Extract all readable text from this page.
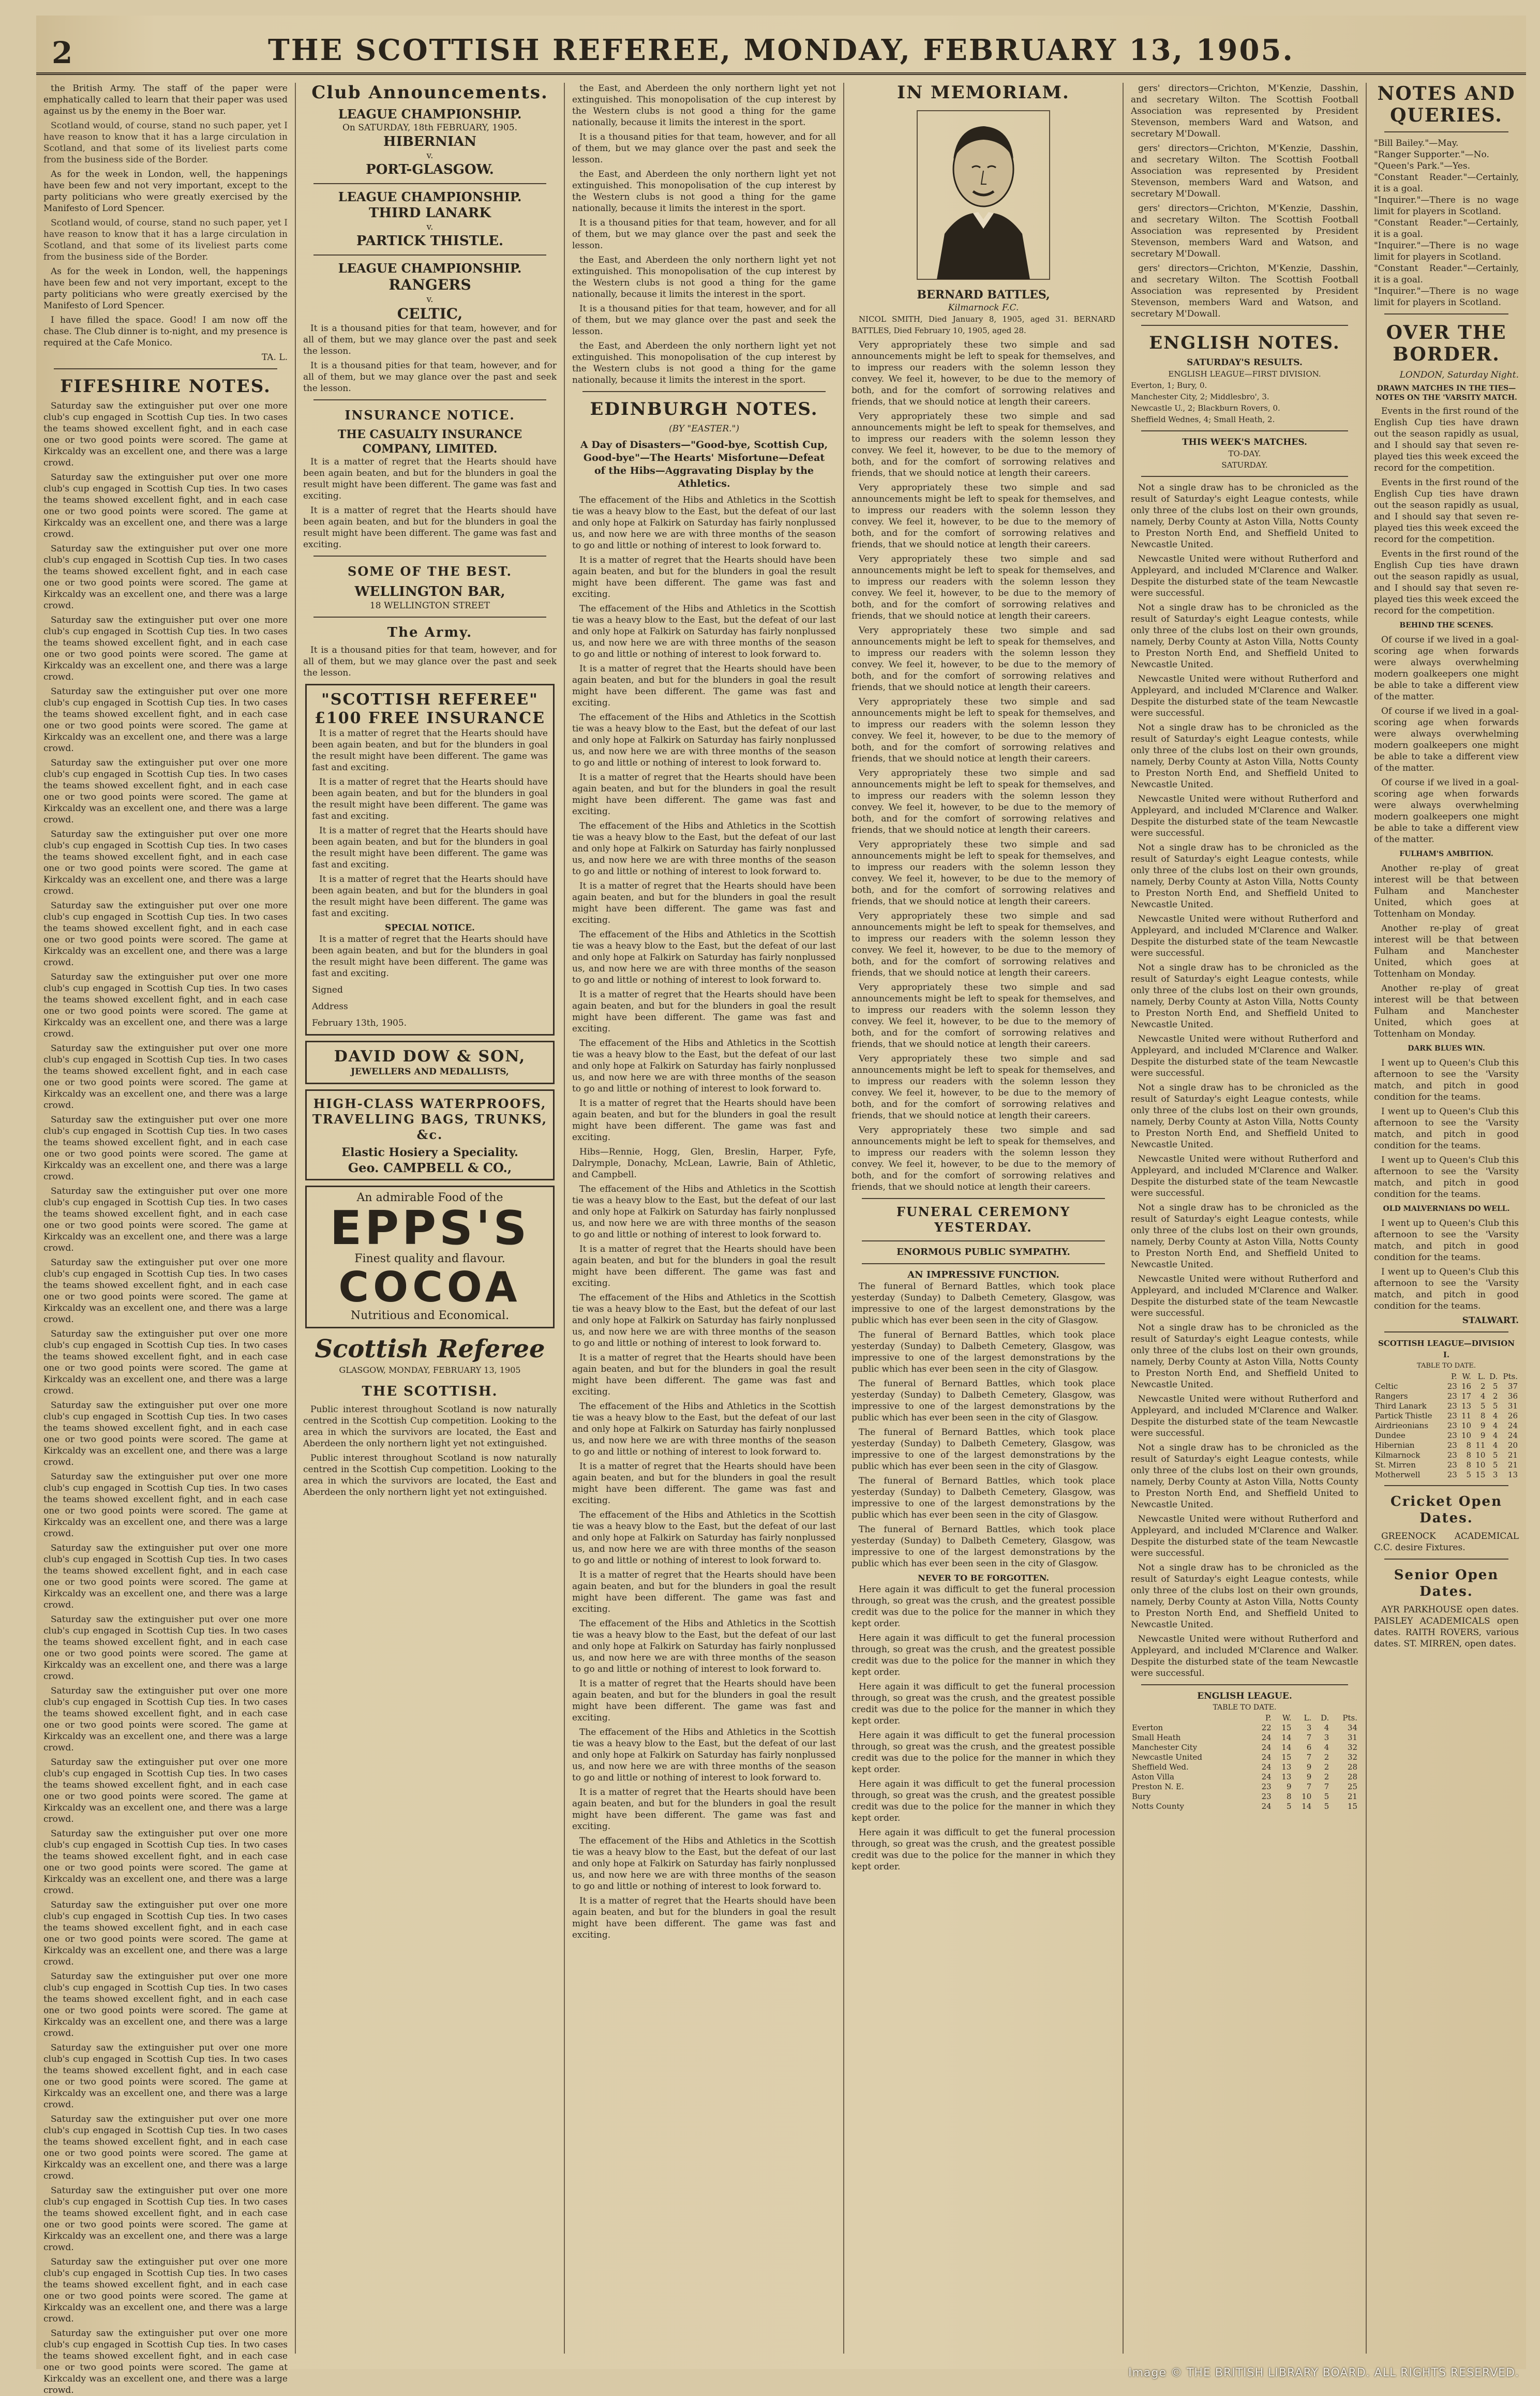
2	THE SCOTTISH REFEREE, MONDAY, FEBRUARY 13, 1905.

the British Army. The staff of the paper were emphatically called to learn that their paper was used against us by the enemy in the Boer war.

Scotland would, of course, stand no such paper, yet I have reason to know that it has a large circulation in Scotland, and that some of its liveliest parts come from the business side of the Border.

As for the week in London, well, the happenings have been few and not very important, except to the party politicians who were greatly exercised by the Manifesto of Lord Spencer.

Scotland would, of course, stand no such paper, yet I have reason to know that it has a large circulation in Scotland, and that some of its liveliest parts come from the business side of the Border.

As for the week in London, well, the happenings have been few and not very important, except to the party politicians who were greatly exercised by the Manifesto of Lord Spencer.

I have filled the space. Good! I am now off the chase. The Club dinner is to-night, and my presence is required at the Cafe Monico.

TA. L.

FIFESHIRE NOTES.

Saturday saw the extinguisher put over one more club's cup engaged in Scottish Cup ties. In two cases the teams showed excellent fight, and in each case one or two good points were scored. The game at Kirkcaldy was an excellent one, and there was a large crowd.

Saturday saw the extinguisher put over one more club's cup engaged in Scottish Cup ties. In two cases the teams showed excellent fight, and in each case one or two good points were scored. The game at Kirkcaldy was an excellent one, and there was a large crowd.

Saturday saw the extinguisher put over one more club's cup engaged in Scottish Cup ties. In two cases the teams showed excellent fight, and in each case one or two good points were scored. The game at Kirkcaldy was an excellent one, and there was a large crowd.

Saturday saw the extinguisher put over one more club's cup engaged in Scottish Cup ties. In two cases the teams showed excellent fight, and in each case one or two good points were scored. The game at Kirkcaldy was an excellent one, and there was a large crowd.

Saturday saw the extinguisher put over one more club's cup engaged in Scottish Cup ties. In two cases the teams showed excellent fight, and in each case one or two good points were scored. The game at Kirkcaldy was an excellent one, and there was a large crowd.

Saturday saw the extinguisher put over one more club's cup engaged in Scottish Cup ties. In two cases the teams showed excellent fight, and in each case one or two good points were scored. The game at Kirkcaldy was an excellent one, and there was a large crowd.

Saturday saw the extinguisher put over one more club's cup engaged in Scottish Cup ties. In two cases the teams showed excellent fight, and in each case one or two good points were scored. The game at Kirkcaldy was an excellent one, and there was a large crowd.

Saturday saw the extinguisher put over one more club's cup engaged in Scottish Cup ties. In two cases the teams showed excellent fight, and in each case one or two good points were scored. The game at Kirkcaldy was an excellent one, and there was a large crowd.

Saturday saw the extinguisher put over one more club's cup engaged in Scottish Cup ties. In two cases the teams showed excellent fight, and in each case one or two good points were scored. The game at Kirkcaldy was an excellent one, and there was a large crowd.

Saturday saw the extinguisher put over one more club's cup engaged in Scottish Cup ties. In two cases the teams showed excellent fight, and in each case one or two good points were scored. The game at Kirkcaldy was an excellent one, and there was a large crowd.

Saturday saw the extinguisher put over one more club's cup engaged in Scottish Cup ties. In two cases the teams showed excellent fight, and in each case one or two good points were scored. The game at Kirkcaldy was an excellent one, and there was a large crowd.

Saturday saw the extinguisher put over one more club's cup engaged in Scottish Cup ties. In two cases the teams showed excellent fight, and in each case one or two good points were scored. The game at Kirkcaldy was an excellent one, and there was a large crowd.

Saturday saw the extinguisher put over one more club's cup engaged in Scottish Cup ties. In two cases the teams showed excellent fight, and in each case one or two good points were scored. The game at Kirkcaldy was an excellent one, and there was a large crowd.

Saturday saw the extinguisher put over one more club's cup engaged in Scottish Cup ties. In two cases the teams showed excellent fight, and in each case one or two good points were scored. The game at Kirkcaldy was an excellent one, and there was a large crowd.

Saturday saw the extinguisher put over one more club's cup engaged in Scottish Cup ties. In two cases the teams showed excellent fight, and in each case one or two good points were scored. The game at Kirkcaldy was an excellent one, and there was a large crowd.

Saturday saw the extinguisher put over one more club's cup engaged in Scottish Cup ties. In two cases the teams showed excellent fight, and in each case one or two good points were scored. The game at Kirkcaldy was an excellent one, and there was a large crowd.

Saturday saw the extinguisher put over one more club's cup engaged in Scottish Cup ties. In two cases the teams showed excellent fight, and in each case one or two good points were scored. The game at Kirkcaldy was an excellent one, and there was a large crowd.

Saturday saw the extinguisher put over one more club's cup engaged in Scottish Cup ties. In two cases the teams showed excellent fight, and in each case one or two good points were scored. The game at Kirkcaldy was an excellent one, and there was a large crowd.

Saturday saw the extinguisher put over one more club's cup engaged in Scottish Cup ties. In two cases the teams showed excellent fight, and in each case one or two good points were scored. The game at Kirkcaldy was an excellent one, and there was a large crowd.

Saturday saw the extinguisher put over one more club's cup engaged in Scottish Cup ties. In two cases the teams showed excellent fight, and in each case one or two good points were scored. The game at Kirkcaldy was an excellent one, and there was a large crowd.

Saturday saw the extinguisher put over one more club's cup engaged in Scottish Cup ties. In two cases the teams showed excellent fight, and in each case one or two good points were scored. The game at Kirkcaldy was an excellent one, and there was a large crowd.

Saturday saw the extinguisher put over one more club's cup engaged in Scottish Cup ties. In two cases the teams showed excellent fight, and in each case one or two good points were scored. The game at Kirkcaldy was an excellent one, and there was a large crowd.

Saturday saw the extinguisher put over one more club's cup engaged in Scottish Cup ties. In two cases the teams showed excellent fight, and in each case one or two good points were scored. The game at Kirkcaldy was an excellent one, and there was a large crowd.

Saturday saw the extinguisher put over one more club's cup engaged in Scottish Cup ties. In two cases the teams showed excellent fight, and in each case one or two good points were scored. The game at Kirkcaldy was an excellent one, and there was a large crowd.

Saturday saw the extinguisher put over one more club's cup engaged in Scottish Cup ties. In two cases the teams showed excellent fight, and in each case one or two good points were scored. The game at Kirkcaldy was an excellent one, and there was a large crowd.

Saturday saw the extinguisher put over one more club's cup engaged in Scottish Cup ties. In two cases the teams showed excellent fight, and in each case one or two good points were scored. The game at Kirkcaldy was an excellent one, and there was a large crowd.

Saturday saw the extinguisher put over one more club's cup engaged in Scottish Cup ties. In two cases the teams showed excellent fight, and in each case one or two good points were scored. The game at Kirkcaldy was an excellent one, and there was a large crowd.

Saturday saw the extinguisher put over one more club's cup engaged in Scottish Cup ties. In two cases the teams showed excellent fight, and in each case one or two good points were scored. The game at Kirkcaldy was an excellent one, and there was a large crowd.

Club Announcements.
LEAGUE CHAMPIONSHIP.
On SATURDAY, 18th FEBRUARY, 1905.
HIBERNIAN
v.
PORT-GLASGOW.
LEAGUE CHAMPIONSHIP.
THIRD LANARK
v.
PARTICK THISTLE.
LEAGUE CHAMPIONSHIP.
RANGERS
v.
CELTIC,

It is a thousand pities for that team, however, and for all of them, but we may glance over the past and seek the lesson.

It is a thousand pities for that team, however, and for all of them, but we may glance over the past and seek the lesson.

INSURANCE NOTICE.
THE CASUALTY INSURANCE COMPANY, LIMITED.

It is a matter of regret that the Hearts should have been again beaten, and but for the blunders in goal the result might have been different. The game was fast and exciting.

It is a matter of regret that the Hearts should have been again beaten, and but for the blunders in goal the result might have been different. The game was fast and exciting.

SOME OF THE BEST.
WELLINGTON BAR,
18 WELLINGTON STREET
The Army.

It is a thousand pities for that team, however, and for all of them, but we may glance over the past and seek the lesson.

"SCOTTISH REFEREE"
£100 FREE INSURANCE

It is a matter of regret that the Hearts should have been again beaten, and but for the blunders in goal the result might have been different. The game was fast and exciting.

It is a matter of regret that the Hearts should have been again beaten, and but for the blunders in goal the result might have been different. The game was fast and exciting.

It is a matter of regret that the Hearts should have been again beaten, and but for the blunders in goal the result might have been different. The game was fast and exciting.

It is a matter of regret that the Hearts should have been again beaten, and but for the blunders in goal the result might have been different. The game was fast and exciting.

SPECIAL NOTICE.

It is a matter of regret that the Hearts should have been again beaten, and but for the blunders in goal the result might have been different. The game was fast and exciting.

Signed
Address
February 13th, 1905.
DAVID DOW & SON,
JEWELLERS AND MEDALLISTS,
HIGH-CLASS WATERPROOFS, TRAVELLING BAGS, TRUNKS, &c.
Elastic Hosiery a Speciality.
Geo. CAMPBELL & CO.,
An admirable Food of the
EPPS'S
Finest quality and flavour.
COCOA
Nutritious and Economical.
Scottish Referee
GLASGOW, MONDAY, FEBRUARY 13, 1905
THE SCOTTISH.

Public interest throughout Scotland is now naturally centred in the Scottish Cup competition. Looking to the area in which the survivors are located, the East and Aberdeen the only northern light yet not extinguished.

Public interest throughout Scotland is now naturally centred in the Scottish Cup competition. Looking to the area in which the survivors are located, the East and Aberdeen the only northern light yet not extinguished.

the East, and Aberdeen the only northern light yet not extinguished. This monopolisation of the cup interest by the Western clubs is not good a thing for the game nationally, because it limits the interest in the sport.

It is a thousand pities for that team, however, and for all of them, but we may glance over the past and seek the lesson.

the East, and Aberdeen the only northern light yet not extinguished. This monopolisation of the cup interest by the Western clubs is not good a thing for the game nationally, because it limits the interest in the sport.

It is a thousand pities for that team, however, and for all of them, but we may glance over the past and seek the lesson.

the East, and Aberdeen the only northern light yet not extinguished. This monopolisation of the cup interest by the Western clubs is not good a thing for the game nationally, because it limits the interest in the sport.

It is a thousand pities for that team, however, and for all of them, but we may glance over the past and seek the lesson.

the East, and Aberdeen the only northern light yet not extinguished. This monopolisation of the cup interest by the Western clubs is not good a thing for the game nationally, because it limits the interest in the sport.

EDINBURGH NOTES.
(BY "EASTER.")
A Day of Disasters—"Good-bye, Scottish Cup, Good-bye"—The Hearts' Misfortune—Defeat of the Hibs—Aggravating Display by the Athletics.

The effacement of the Hibs and Athletics in the Scottish tie was a heavy blow to the East, but the defeat of our last and only hope at Falkirk on Saturday has fairly nonplussed us, and now here we are with three months of the season to go and little or nothing of interest to look forward to.

It is a matter of regret that the Hearts should have been again beaten, and but for the blunders in goal the result might have been different. The game was fast and exciting.

The effacement of the Hibs and Athletics in the Scottish tie was a heavy blow to the East, but the defeat of our last and only hope at Falkirk on Saturday has fairly nonplussed us, and now here we are with three months of the season to go and little or nothing of interest to look forward to.

It is a matter of regret that the Hearts should have been again beaten, and but for the blunders in goal the result might have been different. The game was fast and exciting.

The effacement of the Hibs and Athletics in the Scottish tie was a heavy blow to the East, but the defeat of our last and only hope at Falkirk on Saturday has fairly nonplussed us, and now here we are with three months of the season to go and little or nothing of interest to look forward to.

It is a matter of regret that the Hearts should have been again beaten, and but for the blunders in goal the result might have been different. The game was fast and exciting.

The effacement of the Hibs and Athletics in the Scottish tie was a heavy blow to the East, but the defeat of our last and only hope at Falkirk on Saturday has fairly nonplussed us, and now here we are with three months of the season to go and little or nothing of interest to look forward to.

It is a matter of regret that the Hearts should have been again beaten, and but for the blunders in goal the result might have been different. The game was fast and exciting.

The effacement of the Hibs and Athletics in the Scottish tie was a heavy blow to the East, but the defeat of our last and only hope at Falkirk on Saturday has fairly nonplussed us, and now here we are with three months of the season to go and little or nothing of interest to look forward to.

It is a matter of regret that the Hearts should have been again beaten, and but for the blunders in goal the result might have been different. The game was fast and exciting.

The effacement of the Hibs and Athletics in the Scottish tie was a heavy blow to the East, but the defeat of our last and only hope at Falkirk on Saturday has fairly nonplussed us, and now here we are with three months of the season to go and little or nothing of interest to look forward to.

It is a matter of regret that the Hearts should have been again beaten, and but for the blunders in goal the result might have been different. The game was fast and exciting.

Hibs—Rennie, Hogg, Glen, Breslin, Harper, Fyfe, Dalrymple, Donachy, McLean, Lawrie, Bain of Athletic, and Campbell.

The effacement of the Hibs and Athletics in the Scottish tie was a heavy blow to the East, but the defeat of our last and only hope at Falkirk on Saturday has fairly nonplussed us, and now here we are with three months of the season to go and little or nothing of interest to look forward to.

It is a matter of regret that the Hearts should have been again beaten, and but for the blunders in goal the result might have been different. The game was fast and exciting.

The effacement of the Hibs and Athletics in the Scottish tie was a heavy blow to the East, but the defeat of our last and only hope at Falkirk on Saturday has fairly nonplussed us, and now here we are with three months of the season to go and little or nothing of interest to look forward to.

It is a matter of regret that the Hearts should have been again beaten, and but for the blunders in goal the result might have been different. The game was fast and exciting.

The effacement of the Hibs and Athletics in the Scottish tie was a heavy blow to the East, but the defeat of our last and only hope at Falkirk on Saturday has fairly nonplussed us, and now here we are with three months of the season to go and little or nothing of interest to look forward to.

It is a matter of regret that the Hearts should have been again beaten, and but for the blunders in goal the result might have been different. The game was fast and exciting.

The effacement of the Hibs and Athletics in the Scottish tie was a heavy blow to the East, but the defeat of our last and only hope at Falkirk on Saturday has fairly nonplussed us, and now here we are with three months of the season to go and little or nothing of interest to look forward to.

It is a matter of regret that the Hearts should have been again beaten, and but for the blunders in goal the result might have been different. The game was fast and exciting.

The effacement of the Hibs and Athletics in the Scottish tie was a heavy blow to the East, but the defeat of our last and only hope at Falkirk on Saturday has fairly nonplussed us, and now here we are with three months of the season to go and little or nothing of interest to look forward to.

It is a matter of regret that the Hearts should have been again beaten, and but for the blunders in goal the result might have been different. The game was fast and exciting.

The effacement of the Hibs and Athletics in the Scottish tie was a heavy blow to the East, but the defeat of our last and only hope at Falkirk on Saturday has fairly nonplussed us, and now here we are with three months of the season to go and little or nothing of interest to look forward to.

It is a matter of regret that the Hearts should have been again beaten, and but for the blunders in goal the result might have been different. The game was fast and exciting.

The effacement of the Hibs and Athletics in the Scottish tie was a heavy blow to the East, but the defeat of our last and only hope at Falkirk on Saturday has fairly nonplussed us, and now here we are with three months of the season to go and little or nothing of interest to look forward to.

It is a matter of regret that the Hearts should have been again beaten, and but for the blunders in goal the result might have been different. The game was fast and exciting.

IN MEMORIAM.
BERNARD BATTLES,
Kilmarnock F.C.

NICOL SMITH, Died January 8, 1905, aged 31. BERNARD BATTLES, Died February 10, 1905, aged 28.

Very appropriately these two simple and sad announcements might be left to speak for themselves, and to impress our readers with the solemn lesson they convey. We feel it, however, to be due to the memory of both, and for the comfort of sorrowing relatives and friends, that we should notice at length their careers.

Very appropriately these two simple and sad announcements might be left to speak for themselves, and to impress our readers with the solemn lesson they convey. We feel it, however, to be due to the memory of both, and for the comfort of sorrowing relatives and friends, that we should notice at length their careers.

Very appropriately these two simple and sad announcements might be left to speak for themselves, and to impress our readers with the solemn lesson they convey. We feel it, however, to be due to the memory of both, and for the comfort of sorrowing relatives and friends, that we should notice at length their careers.

Very appropriately these two simple and sad announcements might be left to speak for themselves, and to impress our readers with the solemn lesson they convey. We feel it, however, to be due to the memory of both, and for the comfort of sorrowing relatives and friends, that we should notice at length their careers.

Very appropriately these two simple and sad announcements might be left to speak for themselves, and to impress our readers with the solemn lesson they convey. We feel it, however, to be due to the memory of both, and for the comfort of sorrowing relatives and friends, that we should notice at length their careers.

Very appropriately these two simple and sad announcements might be left to speak for themselves, and to impress our readers with the solemn lesson they convey. We feel it, however, to be due to the memory of both, and for the comfort of sorrowing relatives and friends, that we should notice at length their careers.

Very appropriately these two simple and sad announcements might be left to speak for themselves, and to impress our readers with the solemn lesson they convey. We feel it, however, to be due to the memory of both, and for the comfort of sorrowing relatives and friends, that we should notice at length their careers.

Very appropriately these two simple and sad announcements might be left to speak for themselves, and to impress our readers with the solemn lesson they convey. We feel it, however, to be due to the memory of both, and for the comfort of sorrowing relatives and friends, that we should notice at length their careers.

Very appropriately these two simple and sad announcements might be left to speak for themselves, and to impress our readers with the solemn lesson they convey. We feel it, however, to be due to the memory of both, and for the comfort of sorrowing relatives and friends, that we should notice at length their careers.

Very appropriately these two simple and sad announcements might be left to speak for themselves, and to impress our readers with the solemn lesson they convey. We feel it, however, to be due to the memory of both, and for the comfort of sorrowing relatives and friends, that we should notice at length their careers.

Very appropriately these two simple and sad announcements might be left to speak for themselves, and to impress our readers with the solemn lesson they convey. We feel it, however, to be due to the memory of both, and for the comfort of sorrowing relatives and friends, that we should notice at length their careers.

Very appropriately these two simple and sad announcements might be left to speak for themselves, and to impress our readers with the solemn lesson they convey. We feel it, however, to be due to the memory of both, and for the comfort of sorrowing relatives and friends, that we should notice at length their careers.

FUNERAL CEREMONY YESTERDAY.
ENORMOUS PUBLIC SYMPATHY.
AN IMPRESSIVE FUNCTION.

The funeral of Bernard Battles, which took place yesterday (Sunday) to Dalbeth Cemetery, Glasgow, was impressive to one of the largest demonstrations by the public which has ever been seen in the city of Glasgow.

The funeral of Bernard Battles, which took place yesterday (Sunday) to Dalbeth Cemetery, Glasgow, was impressive to one of the largest demonstrations by the public which has ever been seen in the city of Glasgow.

The funeral of Bernard Battles, which took place yesterday (Sunday) to Dalbeth Cemetery, Glasgow, was impressive to one of the largest demonstrations by the public which has ever been seen in the city of Glasgow.

The funeral of Bernard Battles, which took place yesterday (Sunday) to Dalbeth Cemetery, Glasgow, was impressive to one of the largest demonstrations by the public which has ever been seen in the city of Glasgow.

The funeral of Bernard Battles, which took place yesterday (Sunday) to Dalbeth Cemetery, Glasgow, was impressive to one of the largest demonstrations by the public which has ever been seen in the city of Glasgow.

The funeral of Bernard Battles, which took place yesterday (Sunday) to Dalbeth Cemetery, Glasgow, was impressive to one of the largest demonstrations by the public which has ever been seen in the city of Glasgow.

NEVER TO BE FORGOTTEN.

Here again it was difficult to get the funeral procession through, so great was the crush, and the greatest possible credit was due to the police for the manner in which they kept order.

Here again it was difficult to get the funeral procession through, so great was the crush, and the greatest possible credit was due to the police for the manner in which they kept order.

Here again it was difficult to get the funeral procession through, so great was the crush, and the greatest possible credit was due to the police for the manner in which they kept order.

Here again it was difficult to get the funeral procession through, so great was the crush, and the greatest possible credit was due to the police for the manner in which they kept order.

Here again it was difficult to get the funeral procession through, so great was the crush, and the greatest possible credit was due to the police for the manner in which they kept order.

Here again it was difficult to get the funeral procession through, so great was the crush, and the greatest possible credit was due to the police for the manner in which they kept order.

gers' directors—Crichton, M'Kenzie, Dasshin, and secretary Wilton. The Scottish Football Association was represented by President Stevenson, members Ward and Watson, and secretary M'Dowall.

gers' directors—Crichton, M'Kenzie, Dasshin, and secretary Wilton. The Scottish Football Association was represented by President Stevenson, members Ward and Watson, and secretary M'Dowall.

gers' directors—Crichton, M'Kenzie, Dasshin, and secretary Wilton. The Scottish Football Association was represented by President Stevenson, members Ward and Watson, and secretary M'Dowall.

gers' directors—Crichton, M'Kenzie, Dasshin, and secretary Wilton. The Scottish Football Association was represented by President Stevenson, members Ward and Watson, and secretary M'Dowall.

ENGLISH NOTES.
SATURDAY'S RESULTS.
ENGLISH LEAGUE—FIRST DIVISION.
Everton, 1; Bury, 0.
Manchester City, 2; Middlesbro', 3.
Newcastle U., 2; Blackburn Rovers, 0.
Sheffield Wednes, 4; Small Heath, 2.
THIS WEEK'S MATCHES.
TO-DAY.
SATURDAY.

Not a single draw has to be chronicled as the result of Saturday's eight League contests, while only three of the clubs lost on their own grounds, namely, Derby County at Aston Villa, Notts County to Preston North End, and Sheffield United to Newcastle United.

Newcastle United were without Rutherford and Appleyard, and included M'Clarence and Walker. Despite the disturbed state of the team Newcastle were successful.

Not a single draw has to be chronicled as the result of Saturday's eight League contests, while only three of the clubs lost on their own grounds, namely, Derby County at Aston Villa, Notts County to Preston North End, and Sheffield United to Newcastle United.

Newcastle United were without Rutherford and Appleyard, and included M'Clarence and Walker. Despite the disturbed state of the team Newcastle were successful.

Not a single draw has to be chronicled as the result of Saturday's eight League contests, while only three of the clubs lost on their own grounds, namely, Derby County at Aston Villa, Notts County to Preston North End, and Sheffield United to Newcastle United.

Newcastle United were without Rutherford and Appleyard, and included M'Clarence and Walker. Despite the disturbed state of the team Newcastle were successful.

Not a single draw has to be chronicled as the result of Saturday's eight League contests, while only three of the clubs lost on their own grounds, namely, Derby County at Aston Villa, Notts County to Preston North End, and Sheffield United to Newcastle United.

Newcastle United were without Rutherford and Appleyard, and included M'Clarence and Walker. Despite the disturbed state of the team Newcastle were successful.

Not a single draw has to be chronicled as the result of Saturday's eight League contests, while only three of the clubs lost on their own grounds, namely, Derby County at Aston Villa, Notts County to Preston North End, and Sheffield United to Newcastle United.

Newcastle United were without Rutherford and Appleyard, and included M'Clarence and Walker. Despite the disturbed state of the team Newcastle were successful.

Not a single draw has to be chronicled as the result of Saturday's eight League contests, while only three of the clubs lost on their own grounds, namely, Derby County at Aston Villa, Notts County to Preston North End, and Sheffield United to Newcastle United.

Newcastle United were without Rutherford and Appleyard, and included M'Clarence and Walker. Despite the disturbed state of the team Newcastle were successful.

Not a single draw has to be chronicled as the result of Saturday's eight League contests, while only three of the clubs lost on their own grounds, namely, Derby County at Aston Villa, Notts County to Preston North End, and Sheffield United to Newcastle United.

Newcastle United were without Rutherford and Appleyard, and included M'Clarence and Walker. Despite the disturbed state of the team Newcastle were successful.

Not a single draw has to be chronicled as the result of Saturday's eight League contests, while only three of the clubs lost on their own grounds, namely, Derby County at Aston Villa, Notts County to Preston North End, and Sheffield United to Newcastle United.

Newcastle United were without Rutherford and Appleyard, and included M'Clarence and Walker. Despite the disturbed state of the team Newcastle were successful.

Not a single draw has to be chronicled as the result of Saturday's eight League contests, while only three of the clubs lost on their own grounds, namely, Derby County at Aston Villa, Notts County to Preston North End, and Sheffield United to Newcastle United.

Newcastle United were without Rutherford and Appleyard, and included M'Clarence and Walker. Despite the disturbed state of the team Newcastle were successful.

Not a single draw has to be chronicled as the result of Saturday's eight League contests, while only three of the clubs lost on their own grounds, namely, Derby County at Aston Villa, Notts County to Preston North End, and Sheffield United to Newcastle United.

Newcastle United were without Rutherford and Appleyard, and included M'Clarence and Walker. Despite the disturbed state of the team Newcastle were successful.

ENGLISH LEAGUE.
TABLE TO DATE.
	P.	W.	L.	D.	Pts.
Everton	22	15	3	4	34
Small Heath	24	14	7	3	31
Manchester City	24	14	6	4	32
Newcastle United	24	15	7	2	32
Sheffield Wed.	24	13	9	2	28
Aston Villa	24	13	9	2	28
Preston N. E.	23	9	7	7	25
Bury	23	8	10	5	21
Notts County	24	5	14	5	15
NOTES AND QUERIES.
"Bill Bailey."—May.
"Ranger Supporter."—No.
"Queen's Park."—Yes.
"Constant Reader."—Certainly, it is a goal.
"Inquirer."—There is no wage limit for players in Scotland.
"Constant Reader."—Certainly, it is a goal.
"Inquirer."—There is no wage limit for players in Scotland.
"Constant Reader."—Certainly, it is a goal.
"Inquirer."—There is no wage limit for players in Scotland.
OVER THE BORDER.
LONDON, Saturday Night.
DRAWN MATCHES IN THE TIES—NOTES ON THE 'VARSITY MATCH.

Events in the first round of the English Cup ties have drawn out the season rapidly as usual, and I should say that seven re-played ties this week exceed the record for the competition.

Events in the first round of the English Cup ties have drawn out the season rapidly as usual, and I should say that seven re-played ties this week exceed the record for the competition.

Events in the first round of the English Cup ties have drawn out the season rapidly as usual, and I should say that seven re-played ties this week exceed the record for the competition.

BEHIND THE SCENES.

Of course if we lived in a goal-scoring age when forwards were always overwhelming modern goalkeepers one might be able to take a different view of the matter.

Of course if we lived in a goal-scoring age when forwards were always overwhelming modern goalkeepers one might be able to take a different view of the matter.

Of course if we lived in a goal-scoring age when forwards were always overwhelming modern goalkeepers one might be able to take a different view of the matter.

FULHAM'S AMBITION.

Another re-play of great interest will be that between Fulham and Manchester United, which goes at Tottenham on Monday.

Another re-play of great interest will be that between Fulham and Manchester United, which goes at Tottenham on Monday.

Another re-play of great interest will be that between Fulham and Manchester United, which goes at Tottenham on Monday.

DARK BLUES WIN.

I went up to Queen's Club this afternoon to see the 'Varsity match, and pitch in good condition for the teams.

I went up to Queen's Club this afternoon to see the 'Varsity match, and pitch in good condition for the teams.

I went up to Queen's Club this afternoon to see the 'Varsity match, and pitch in good condition for the teams.

OLD MALVERNIANS DO WELL.

I went up to Queen's Club this afternoon to see the 'Varsity match, and pitch in good condition for the teams.

I went up to Queen's Club this afternoon to see the 'Varsity match, and pitch in good condition for the teams.

STALWART.
SCOTTISH LEAGUE—DIVISION I.
TABLE TO DATE.
	P.	W.	L.	D.	Pts.
Celtic	23	16	2	5	37
Rangers	23	17	4	2	36
Third Lanark	23	13	5	5	31
Partick Thistle	23	11	8	4	26
Airdrieonians	23	10	9	4	24
Dundee	23	10	9	4	24
Hibernian	23	8	11	4	20
Kilmarnock	23	8	10	5	21
St. Mirren	23	8	10	5	21
Motherwell	23	5	15	3	13
Cricket Open Dates.

GREENOCK ACADEMICAL C.C. desire Fixtures.

Senior Open Dates.

AYR PARKHOUSE open dates. PAISLEY ACADEMICALS open dates. RAITH ROVERS, various dates. ST. MIRREN, open dates.

Image © THE BRITISH LIBRARY BOARD. ALL RIGHTS RESERVED.
